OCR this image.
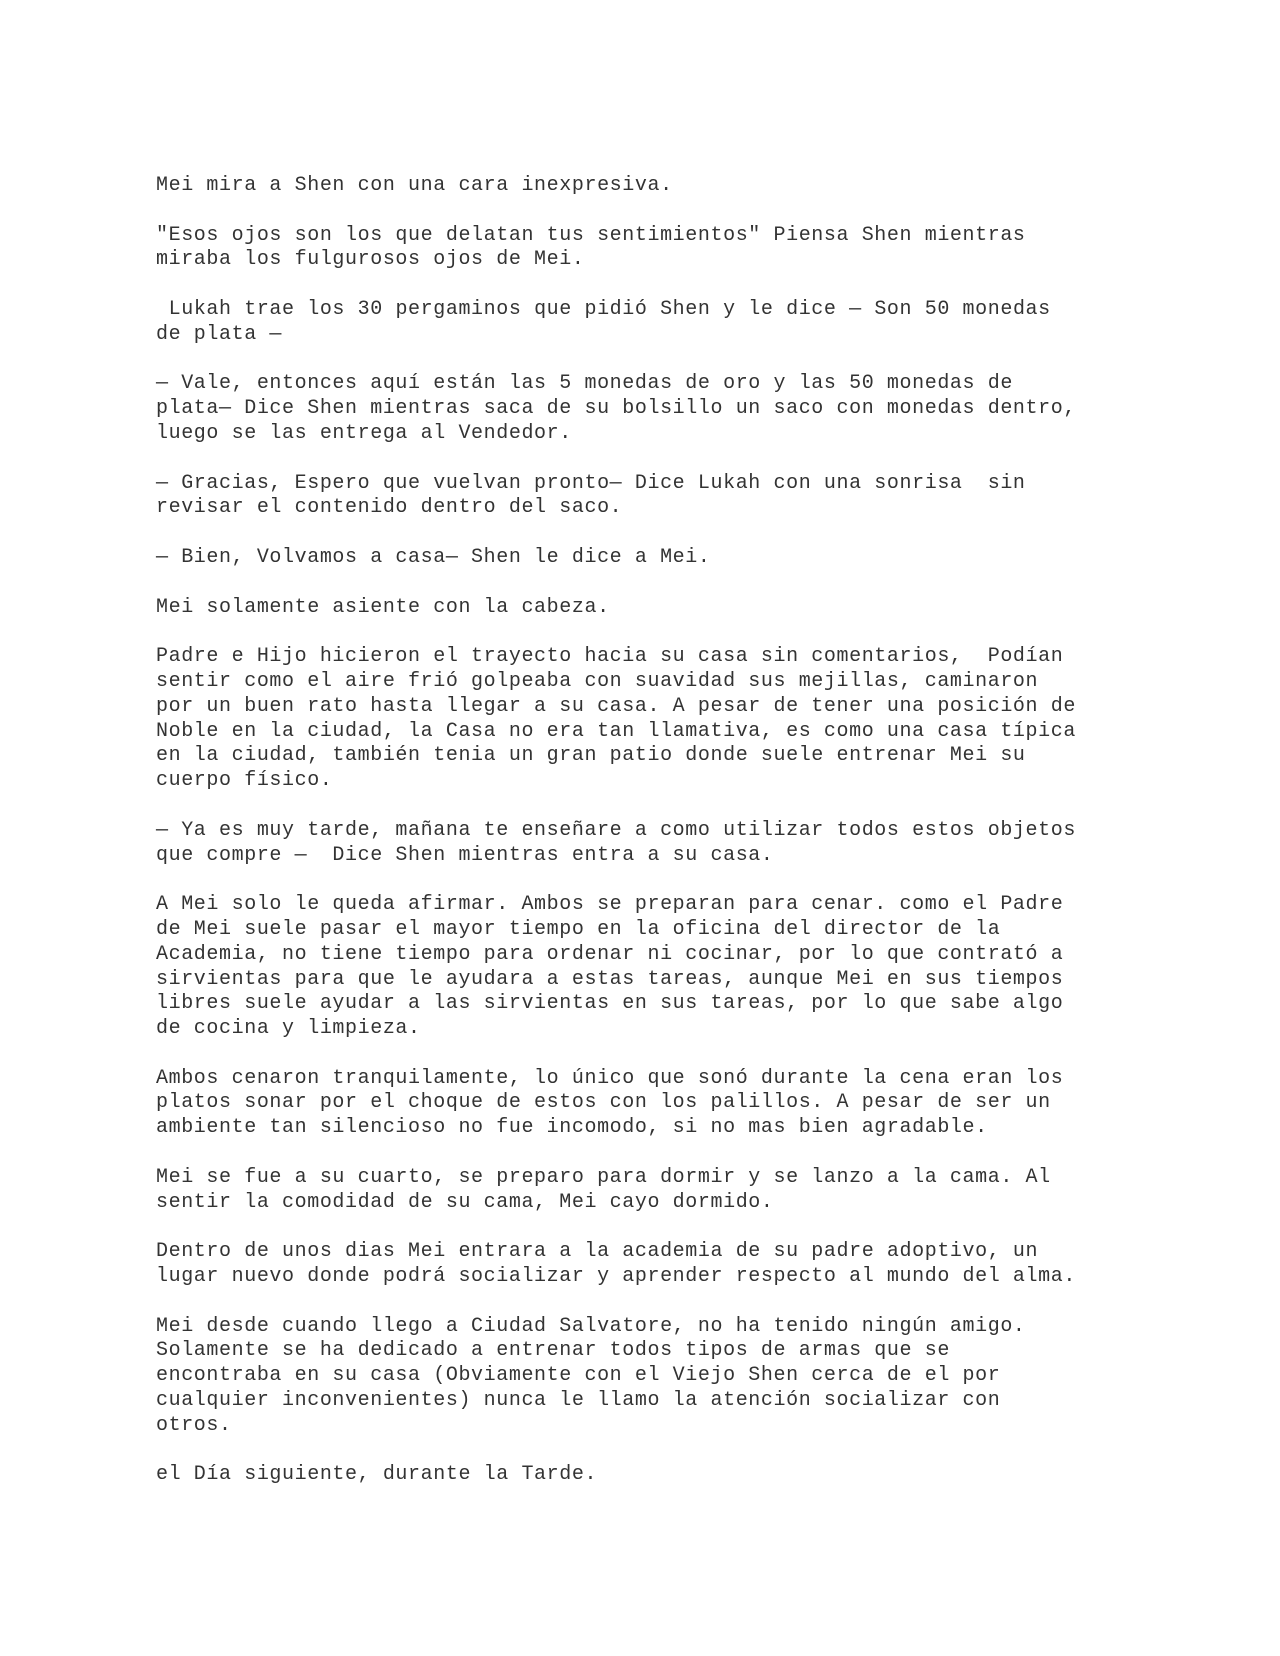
Mei mira a Shen con una cara inexpresiva.

"Esos ojos son los que delatan tus sentimientos" Piensa Shen mientras
miraba los fulgurosos ojos de Mei.

Lukah trae los 30 pergaminos que pidió Shen y le dice — Son 50 monedas
de plata —

— Vale, entonces aquí están las 5 monedas de oro y las 50 monedas de
plata— Dice Shen mientras saca de su bolsillo un saco con monedas dentro,
luego se las entrega al Vendedor.

— Gracias, Espero que vuelvan pronto— Dice Lukah con una sonrisa  sin
revisar el contenido dentro del saco.

— Bien, Volvamos a casa— Shen le dice a Mei.

Mei solamente asiente con la cabeza.

Padre e Hijo hicieron el trayecto hacia su casa sin comentarios,  Podían
sentir como el aire frió golpeaba con suavidad sus mejillas, caminaron
por un buen rato hasta llegar a su casa. A pesar de tener una posición de
Noble en la ciudad, la Casa no era tan llamativa, es como una casa típica
en la ciudad, también tenia un gran patio donde suele entrenar Mei su
cuerpo físico.

— Ya es muy tarde, mañana te enseñare a como utilizar todos estos objetos
que compre —  Dice Shen mientras entra a su casa.

A Mei solo le queda afirmar. Ambos se preparan para cenar. como el Padre
de Mei suele pasar el mayor tiempo en la oficina del director de la
Academia, no tiene tiempo para ordenar ni cocinar, por lo que contrató a
sirvientas para que le ayudara a estas tareas, aunque Mei en sus tiempos
libres suele ayudar a las sirvientas en sus tareas, por lo que sabe algo
de cocina y limpieza.

Ambos cenaron tranquilamente, lo único que sonó durante la cena eran los
platos sonar por el choque de estos con los palillos. A pesar de ser un
ambiente tan silencioso no fue incomodo, si no mas bien agradable.

Mei se fue a su cuarto, se preparo para dormir y se lanzo a la cama. Al
sentir la comodidad de su cama, Mei cayo dormido.

Dentro de unos dias Mei entrara a la academia de su padre adoptivo, un
lugar nuevo donde podrá socializar y aprender respecto al mundo del alma.

Mei desde cuando llego a Ciudad Salvatore, no ha tenido ningún amigo.
Solamente se ha dedicado a entrenar todos tipos de armas que se
encontraba en su casa (Obviamente con el Viejo Shen cerca de el por
cualquier inconvenientes) nunca le llamo la atención socializar con
otros.

el Día siguiente, durante la Tarde.
